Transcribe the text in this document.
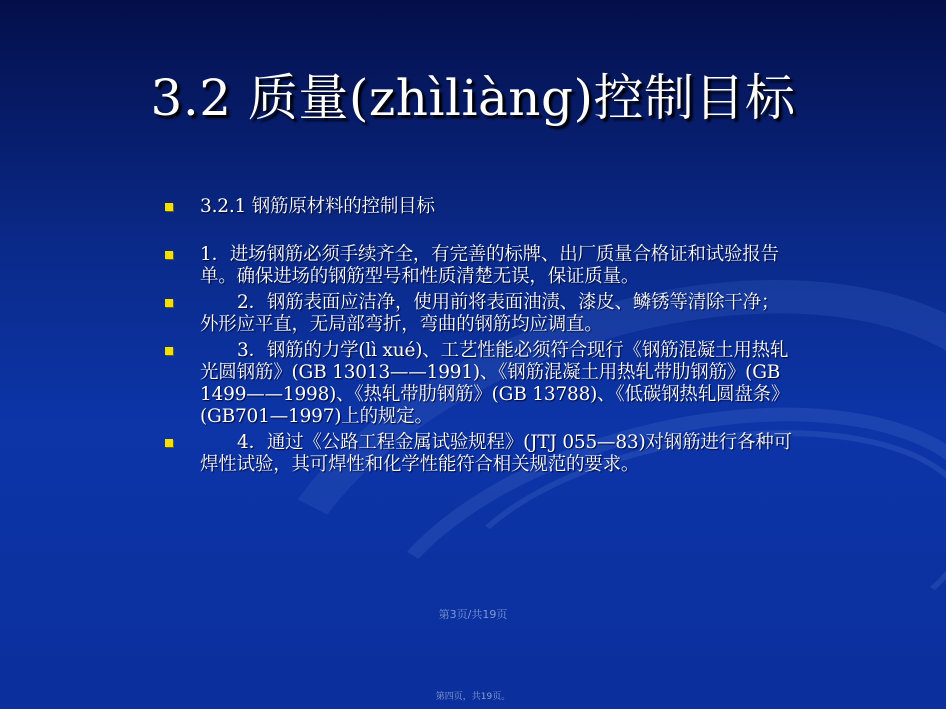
3.2 质量(zhìliàng)控制目标
3.2.1 钢筋原材料的控制目标
1．进场钢筋必须手续齐全，有完善的标牌、出厂质量合格证和试验报告单。确保进场的钢筋型号和性质清楚无误，保证质量。
2．钢筋表面应洁净，使用前将表面油渍、漆皮、鳞锈等清除干净；外形应平直，无局部弯折，弯曲的钢筋均应调直。
3．钢筋的力学(lì xué)、工艺性能必须符合现行《钢筋混凝土用热轧光圆钢筋》(GB 13013——1991)、《钢筋混凝土用热轧带肋钢筋》(GB 1499——1998)、《热轧带肋钢筋》(GB 13788)、《低碳钢热轧圆盘条》(GB701—1997)上的规定。
4．通过《公路工程金属试验规程》(JTJ 055—83)对钢筋进行各种可焊性试验，其可焊性和化学性能符合相关规范的要求。
第3页/共19页
第四页，共19页。
